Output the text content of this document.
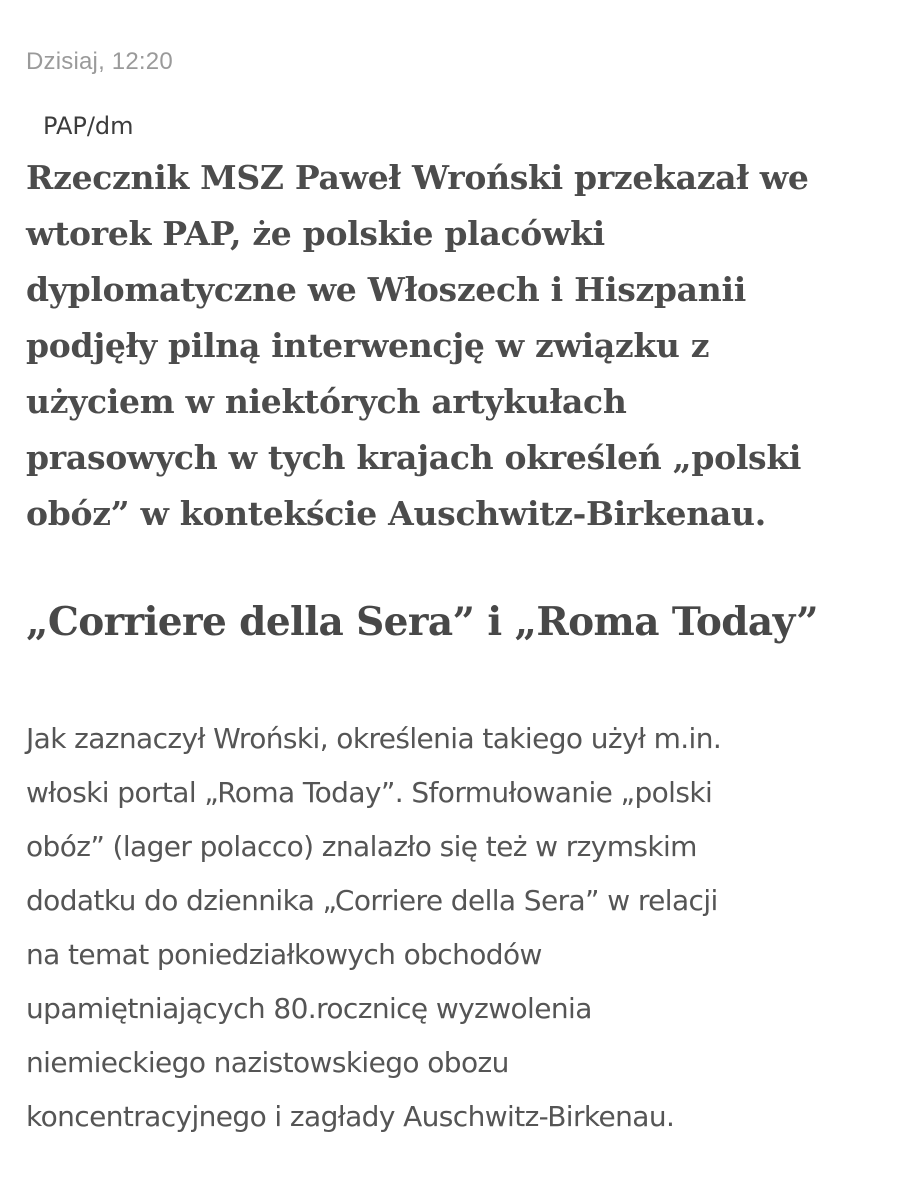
Dzisiaj, 12:20
PAP/dm
Rzecznik MSZ Paweł Wroński przekazał we
wtorek PAP, że polskie placówki
dyplomatyczne we Włoszech i Hiszpanii
podjęły pilną interwencję w związku z
użyciem w niektórych artykułach
prasowych w tych krajach określeń „polski
obóz” w kontekście Auschwitz-Birkenau.
„Corriere della Sera” i „Roma Today”
Jak zaznaczył Wroński, określenia takiego użył m.in.
włoski portal „Roma Today”. Sformułowanie „polski
obóz” (lager polacco) znalazło się też w rzymskim
dodatku do dziennika „Corriere della Sera” w relacji
na temat poniedziałkowych obchodów
upamiętniających 80.rocznicę wyzwolenia
niemieckiego nazistowskiego obozu
koncentracyjnego i zagłady Auschwitz-Birkenau.
